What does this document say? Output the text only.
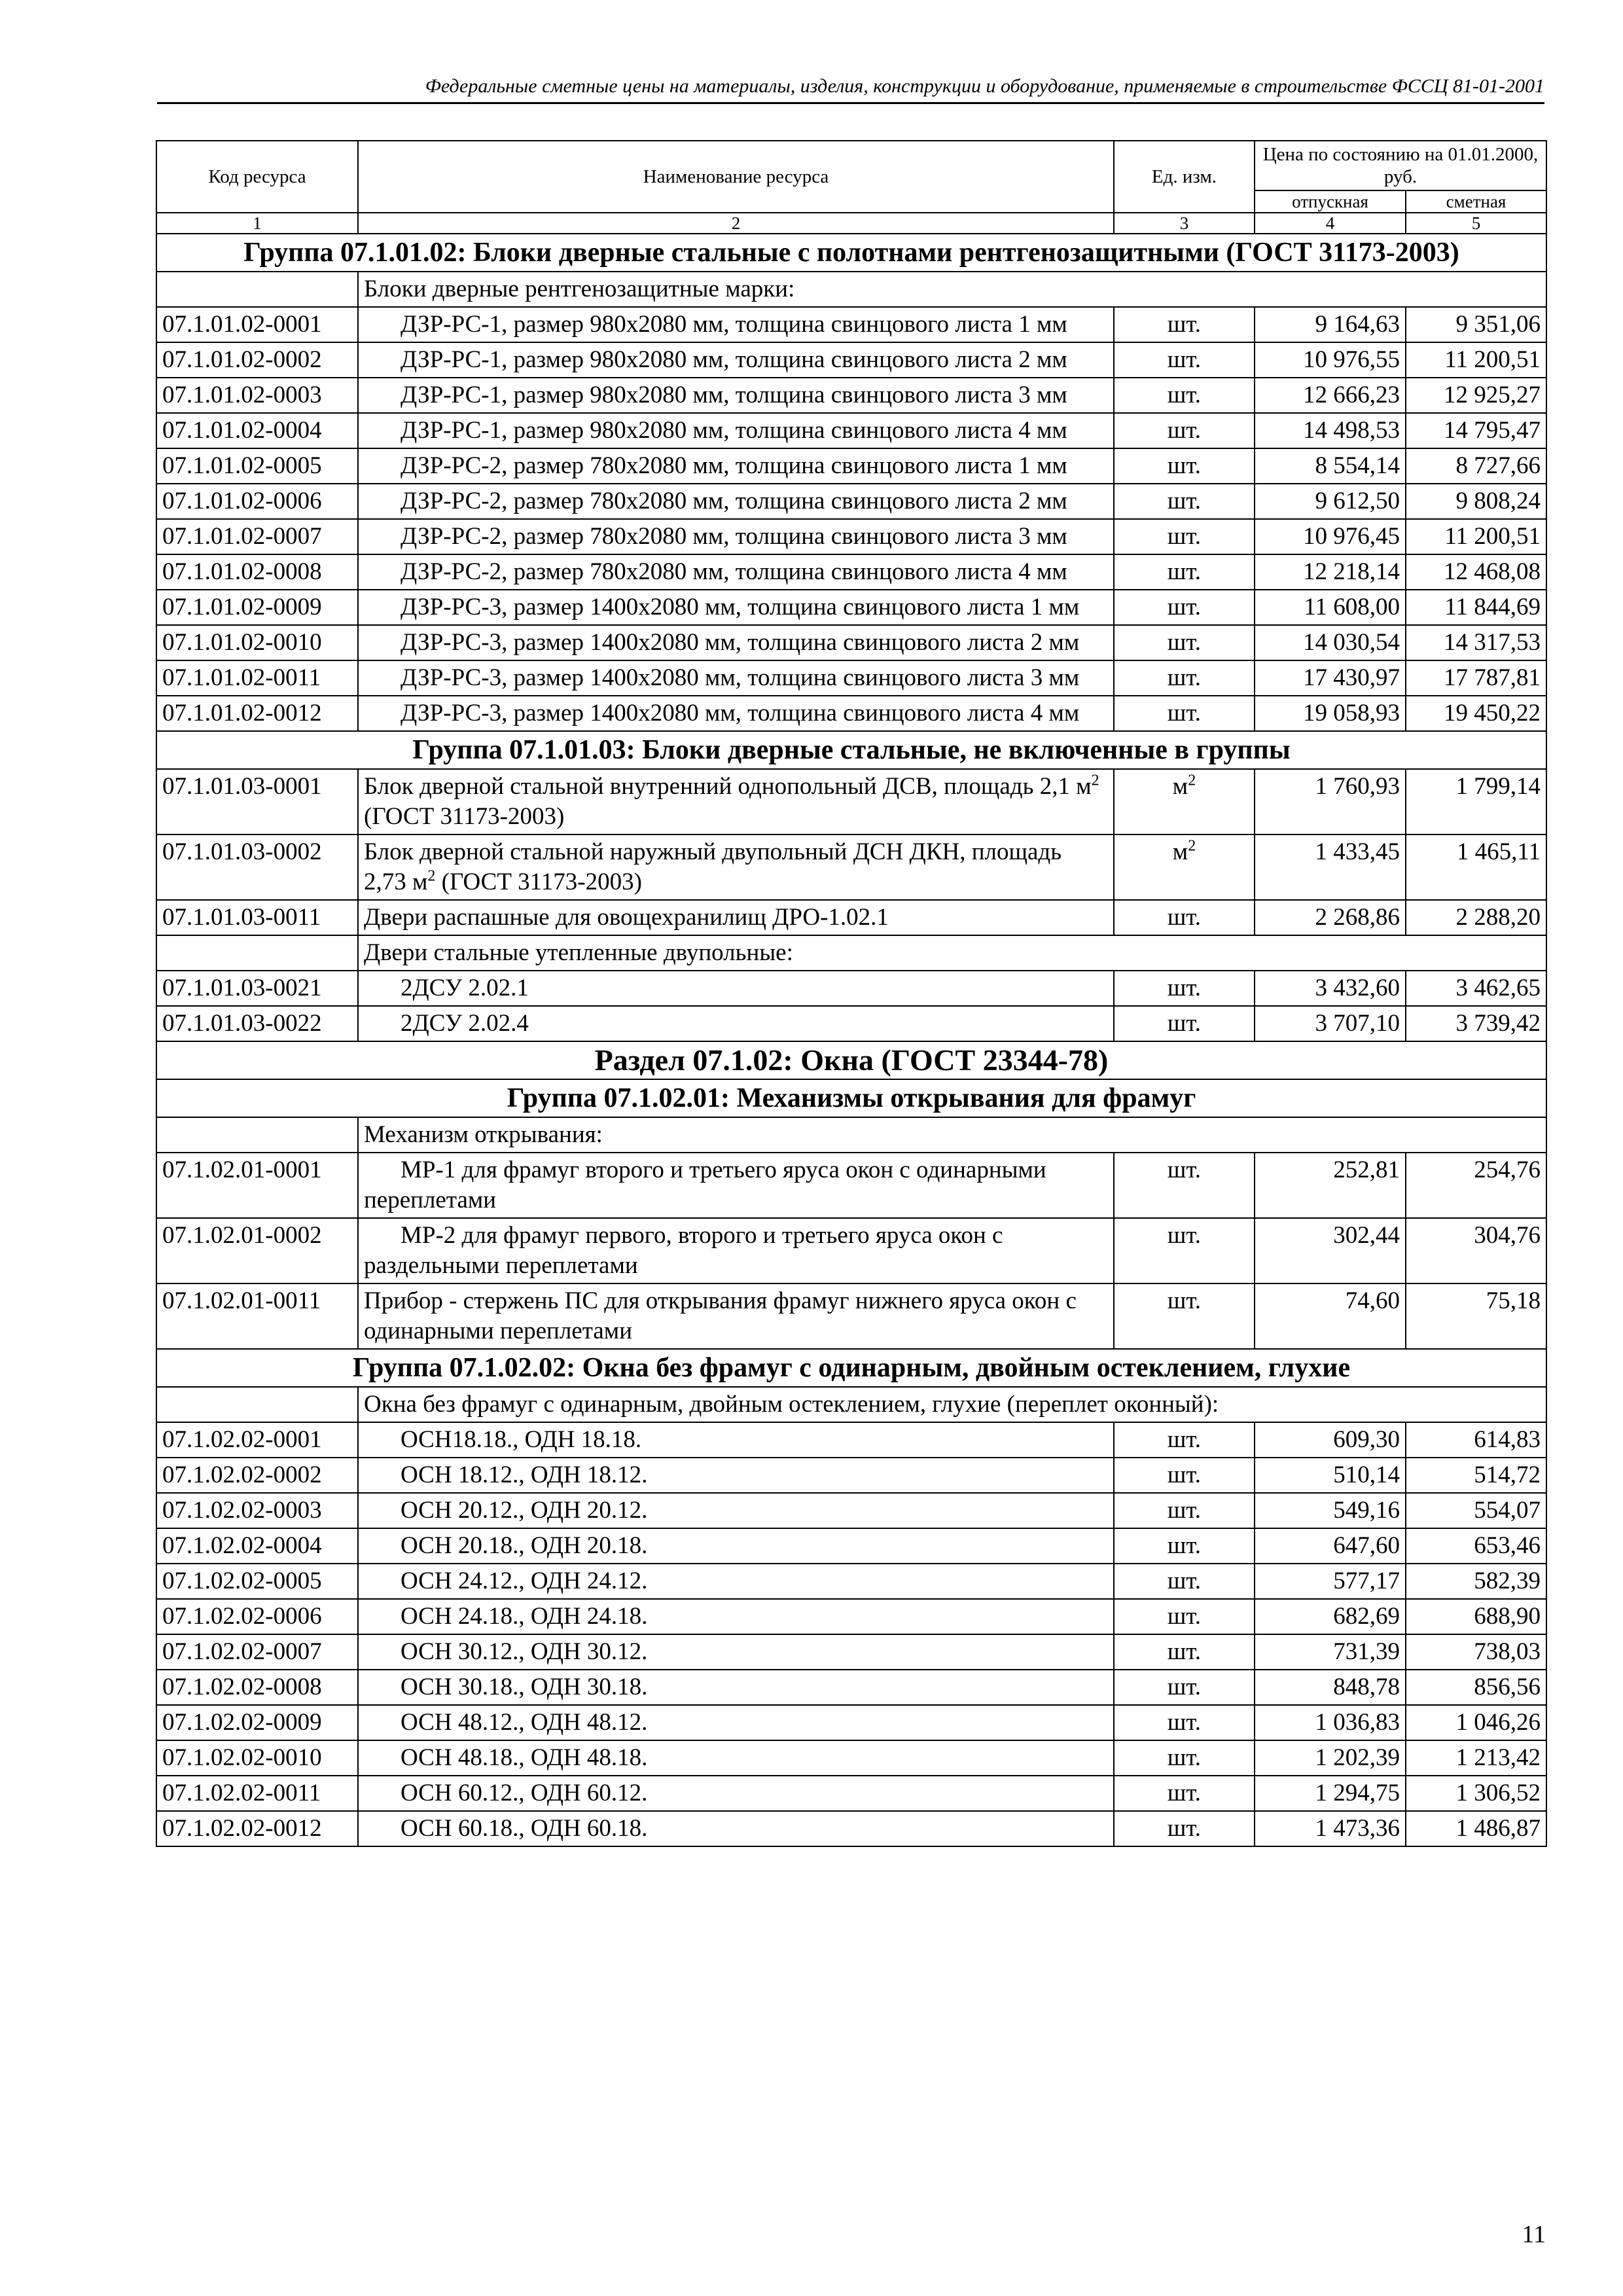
Федеральные сметные цены на материалы, изделия, конструкции и оборудование, применяемые в строительстве ФССЦ 81-01-2001
Код ресурса	Наименование ресурса	Ед. изм.	Цена по состоянию на 01.01.2000, руб.	
			отпускная	сметная
1	2	3	4	5
Группа 07.1.01.02: Блоки дверные стальные с полотнами рентгенозащитными (ГОСТ 31173-2003)				
	Блоки дверные рентгенозащитные марки:			
07.1.01.02-0001	ДЗР-РС-1, размер 980х2080 мм, толщина свинцового листа 1 мм	шт.	9 164,63	9 351,06
07.1.01.02-0002	ДЗР-РС-1, размер 980х2080 мм, толщина свинцового листа 2 мм	шт.	10 976,55	11 200,51
07.1.01.02-0003	ДЗР-РС-1, размер 980х2080 мм, толщина свинцового листа 3 мм	шт.	12 666,23	12 925,27
07.1.01.02-0004	ДЗР-РС-1, размер 980х2080 мм, толщина свинцового листа 4 мм	шт.	14 498,53	14 795,47
07.1.01.02-0005	ДЗР-РС-2, размер 780х2080 мм, толщина свинцового листа 1 мм	шт.	8 554,14	8 727,66
07.1.01.02-0006	ДЗР-РС-2, размер 780х2080 мм, толщина свинцового листа 2 мм	шт.	9 612,50	9 808,24
07.1.01.02-0007	ДЗР-РС-2, размер 780х2080 мм, толщина свинцового листа 3 мм	шт.	10 976,45	11 200,51
07.1.01.02-0008	ДЗР-РС-2, размер 780х2080 мм, толщина свинцового листа 4 мм	шт.	12 218,14	12 468,08
07.1.01.02-0009	ДЗР-РС-3, размер 1400х2080 мм, толщина свинцового листа 1 мм	шт.	11 608,00	11 844,69
07.1.01.02-0010	ДЗР-РС-3, размер 1400х2080 мм, толщина свинцового листа 2 мм	шт.	14 030,54	14 317,53
07.1.01.02-0011	ДЗР-РС-3, размер 1400х2080 мм, толщина свинцового листа 3 мм	шт.	17 430,97	17 787,81
07.1.01.02-0012	ДЗР-РС-3, размер 1400х2080 мм, толщина свинцового листа 4 мм	шт.	19 058,93	19 450,22
Группа 07.1.01.03: Блоки дверные стальные, не включенные в группы				
07.1.01.03-0001	Блок дверной стальной внутренний однопольный ДСВ, площадь 2,1 $м^2$ (ГОСТ 31173-2003)	$м^2$	1 760,93	1 799,14
07.1.01.03-0002	Блок дверной стальной наружный двупольный ДСН ДКН, площадь 2,73 $м^2$ (ГОСТ 31173-2003)	$м^2$	1 433,45	1 465,11
07.1.01.03-0011	Двери распашные для овощехранилищ ДРО-1.02.1	шт.	2 268,86	2 288,20
	Двери стальные утепленные двупольные:			
07.1.01.03-0021	2ДСУ 2.02.1	шт.	3 432,60	3 462,65
07.1.01.03-0022	2ДСУ 2.02.4	шт.	3 707,10	3 739,42
Раздел 07.1.02: Окна (ГОСТ 23344-78)				
Группа 07.1.02.01: Механизмы открывания для фрамуг				
	Механизм открывания:			
07.1.02.01-0001	МР-1 для фрамуг второго и третьего яруса окон с одинарными переплетами	шт.	252,81	254,76
07.1.02.01-0002	МР-2 для фрамуг первого, второго и третьего яруса окон с раздельными переплетами	шт.	302,44	304,76
07.1.02.01-0011	Прибор - стержень ПС для открывания фрамуг нижнего яруса окон с одинарными переплетами	шт.	74,60	75,18
Группа 07.1.02.02: Окна без фрамуг с одинарным, двойным остеклением, глухие				
	Окна без фрамуг с одинарным, двойным остеклением, глухие (переплет оконный):			
07.1.02.02-0001	ОСН18.18., ОДН 18.18.	шт.	609,30	614,83
07.1.02.02-0002	ОСН 18.12., ОДН 18.12.	шт.	510,14	514,72
07.1.02.02-0003	ОСН 20.12., ОДН 20.12.	шт.	549,16	554,07
07.1.02.02-0004	ОСН 20.18., ОДН 20.18.	шт.	647,60	653,46
07.1.02.02-0005	ОСН 24.12., ОДН 24.12.	шт.	577,17	582,39
07.1.02.02-0006	ОСН 24.18., ОДН 24.18.	шт.	682,69	688,90
07.1.02.02-0007	ОСН 30.12., ОДН 30.12.	шт.	731,39	738,03
07.1.02.02-0008	ОСН 30.18., ОДН 30.18.	шт.	848,78	856,56
07.1.02.02-0009	ОСН 48.12., ОДН 48.12.	шт.	1 036,83	1 046,26
07.1.02.02-0010	ОСН 48.18., ОДН 48.18.	шт.	1 202,39	1 213,42
07.1.02.02-0011	ОСН 60.12., ОДН 60.12.	шт.	1 294,75	1 306,52
07.1.02.02-0012	ОСН 60.18., ОДН 60.18.	шт.	1 473,36	1 486,87
11
